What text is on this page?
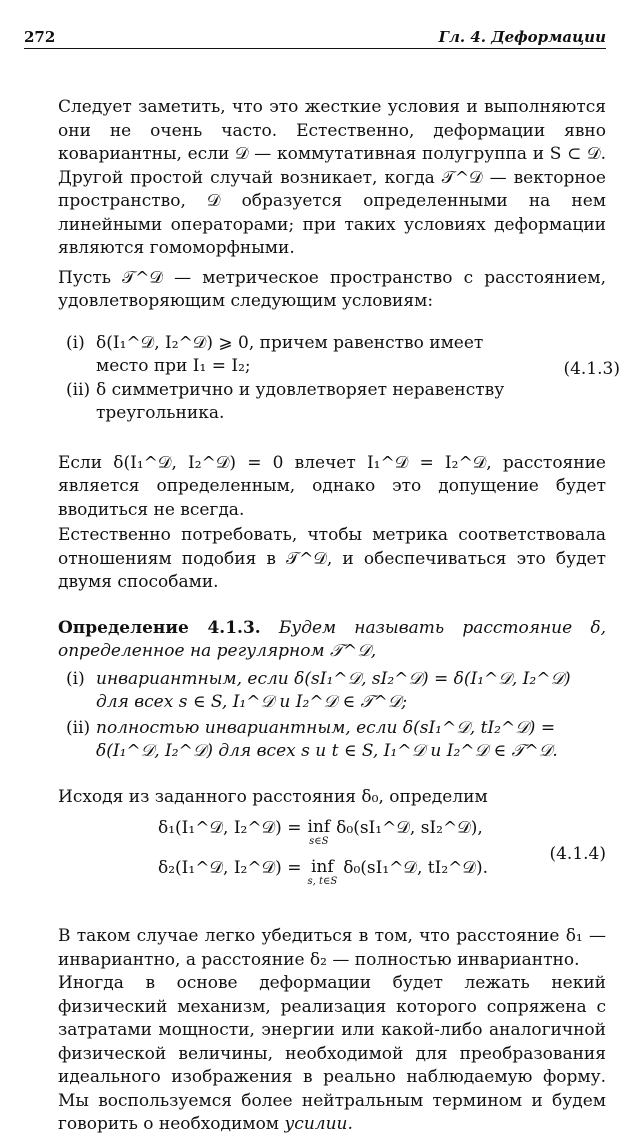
272	Гл. 4. Деформации

Следует заметить, что это жесткие условия и выполняются они не очень часто. Естественно, деформации явно ковариантны, если 𝒟 — коммутативная полугруппа и S ⊂ 𝒟. Другой простой случай возникает, когда 𝒯^𝒟 — векторное пространство, 𝒟 образуется определенными на нем линейными операторами; при таких условиях деформации являются гомоморфными.

Пусть 𝒯^𝒟 — метрическое пространство с расстоянием, удовлетворяющим следующим условиям:

(i) δ(I₁^𝒟, I₂^𝒟) ⩾ 0, причем равенство имеет место при I₁ = I₂;
(ii) δ симметрично и удовлетворяет неравенству треугольника.
(4.1.3)

Если δ(I₁^𝒟, I₂^𝒟) = 0 влечет I₁^𝒟 = I₂^𝒟, расстояние является определенным, однако это допущение будет вводиться не всегда.

Естественно потребовать, чтобы метрика соответствовала отношениям подобия в 𝒯^𝒟, и обеспечиваться это будет двумя способами.

Определение 4.1.3. Будем называть расстояние δ, определенное на регулярном 𝒯^𝒟,

(i) инвариантным, если δ(sI₁^𝒟, sI₂^𝒟) = δ(I₁^𝒟, I₂^𝒟) для всех s ∈ S, I₁^𝒟 и I₂^𝒟 ∈ 𝒯^𝒟;
(ii) полностью инвариантным, если δ(sI₁^𝒟, tI₂^𝒟) = δ(I₁^𝒟, I₂^𝒟) для всех s и t ∈ S, I₁^𝒟 и I₂^𝒟 ∈ 𝒯^𝒟.

Исходя из заданного расстояния δ₀, определим

δ₁(I₁^𝒟, I₂^𝒟) = inf
s∈S
δ₀(sI₁^𝒟, sI₂^𝒟),
δ₂(I₁^𝒟, I₂^𝒟) = inf
s, t∈S
δ₀(sI₁^𝒟, tI₂^𝒟).
(4.1.4)

В таком случае легко убедиться в том, что расстояние δ₁ — инвариантно, а расстояние δ₂ — полностью инвариантно.

Иногда в основе деформации будет лежать некий физический механизм, реализация которого сопряжена с затратами мощности, энергии или какой-либо аналогичной физической величины, необходимой для преобразования идеального изображения в реально наблюдаемую форму. Мы воспользуемся более нейтральным термином и будем говорить о необходимом усилии.
